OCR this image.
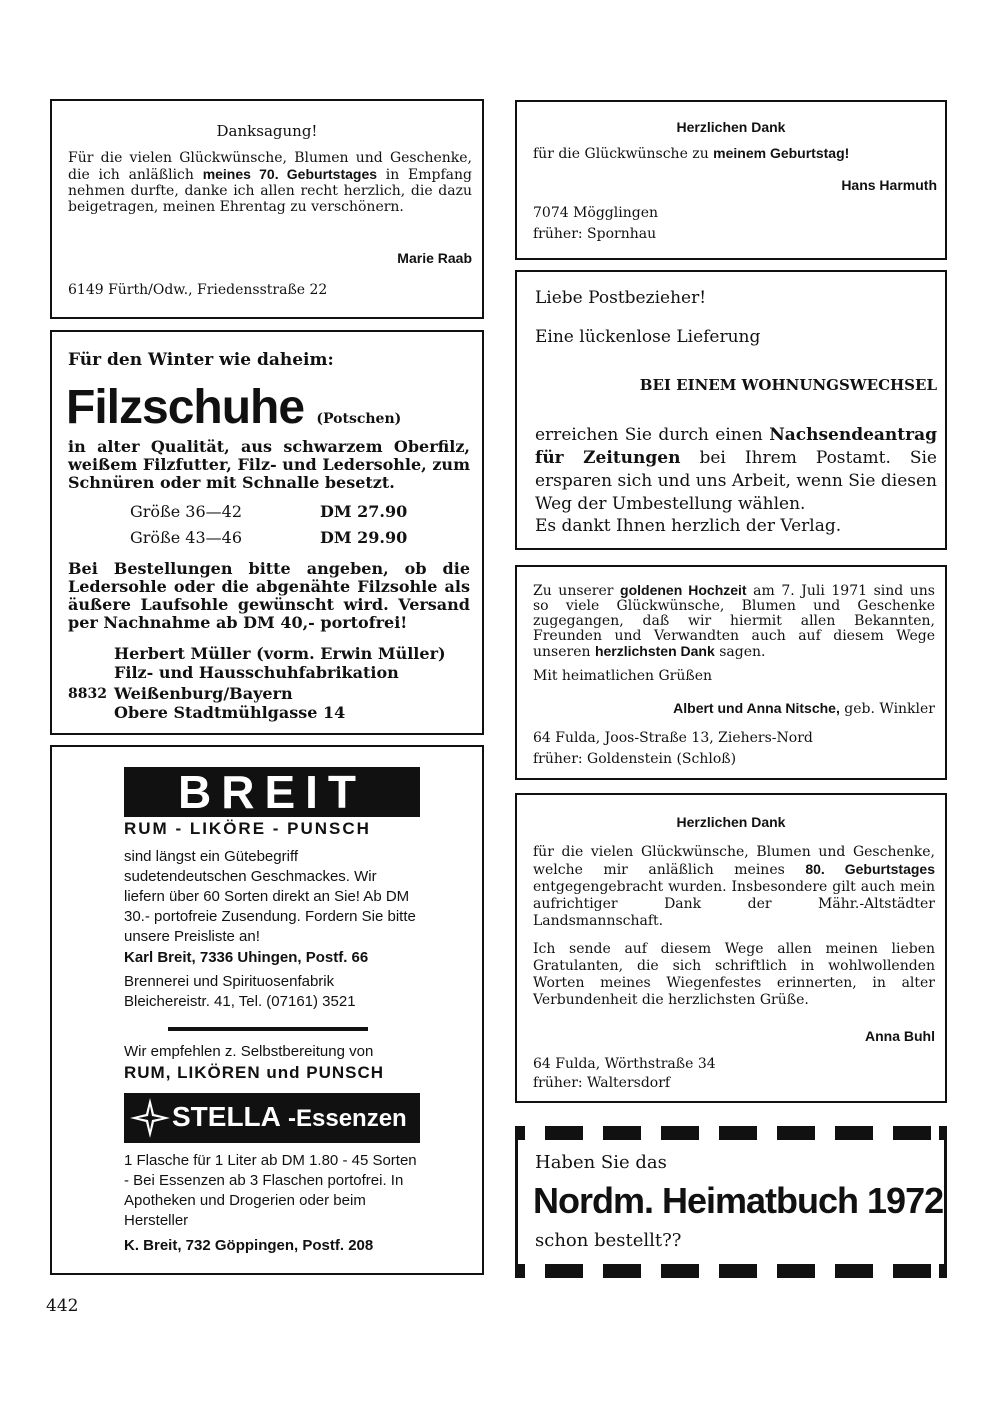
Danksagung!
Für die vielen Glückwünsche, Blumen und Geschenke, die ich anläßlich meines 70. Geburtstages in Empfang nehmen durfte, danke ich allen recht herzlich, die dazu beigetragen, meinen Ehrentag zu verschönern.
Marie Raab
6149 Fürth/Odw., Friedensstraße 22
Herzlichen Dank
für die Glückwünsche zu meinem Geburtstag!
Hans Harmuth
7074 Mögglingen
früher: Spornhau
Liebe Postbezieher!
Eine lückenlose Lieferung
BEI EINEM WOHNUNGSWECHSEL
erreichen Sie durch einen Nachsendeantrag für Zeitungen bei Ihrem Postamt. Sie ersparen sich und uns Arbeit, wenn Sie diesen Weg der Umbestellung wählen.
Es dankt Ihnen herzlich der Verlag.
Für den Winter wie daheim:
Filzschuhe (Potschen)
in alter Qualität, aus schwarzem Oberfilz, weißem Filzfutter, Filz- und Ledersohle, zum Schnüren oder mit Schnalle besetzt.
Größe 36—42	DM 27.90
Größe 43—46	DM 29.90
Bei Bestellungen bitte angeben, ob die Ledersohle oder die abgenähte Filzsohle als äußere Laufsohle gewünscht wird. Versand per Nachnahme ab DM 40,- portofrei!
Herbert Müller (vorm. Erwin Müller)
Filz- und Hausschuhfabrikation
8832 Weißenburg/Bayern
Obere Stadtmühlgasse 14
Zu unserer goldenen Hochzeit am 7. Juli 1971 sind uns so viele Glückwünsche, Blumen und Geschenke zugegangen, daß wir hiermit allen Bekannten, Freunden und Verwandten auch auf diesem Wege unseren herzlichsten Dank sagen.
Mit heimatlichen Grüßen
Albert und Anna Nitsche, geb. Winkler
64 Fulda, Joos-Straße 13, Ziehers-Nord
früher: Goldenstein (Schloß)
BREIT
RUM - LIKÖRE - PUNSCH
sind längst ein Gütebegriff sudetendeutschen Geschmackes. Wir liefern über 60 Sorten direkt an Sie! Ab DM 30.- portofreie Zusendung. Fordern Sie bitte unsere Preisliste an!
Karl Breit, 7336 Uhingen, Postf. 66
Brennerei und Spirituosenfabrik
Bleichereistr. 41, Tel. (07161) 3521
Wir empfehlen z. Selbstbereitung von
RUM, LIKÖREN und PUNSCH
STELLA -Essenzen
1 Flasche für 1 Liter ab DM 1.80 - 45 Sorten - Bei Essenzen ab 3 Flaschen portofrei. In Apotheken und Drogerien oder beim Hersteller
K. Breit, 732 Göppingen, Postf. 208
Herzlichen Dank
für die vielen Glückwünsche, Blumen und Geschenke, welche mir anläßlich meines 80. Geburtstages entgegengebracht wurden. Insbesondere gilt auch mein aufrichtiger Dank der Mähr.-Altstädter Landsmannschaft.
Ich sende auf diesem Wege allen meinen lieben Gratulanten, die sich schriftlich in wohlwollenden Worten meines Wiegenfestes erinnerten, in alter Verbundenheit die herzlichsten Grüße.
Anna Buhl
64 Fulda, Wörthstraße 34
früher: Waltersdorf
Haben Sie das
Nordm. Heimatbuch 1972
schon bestellt??
442
